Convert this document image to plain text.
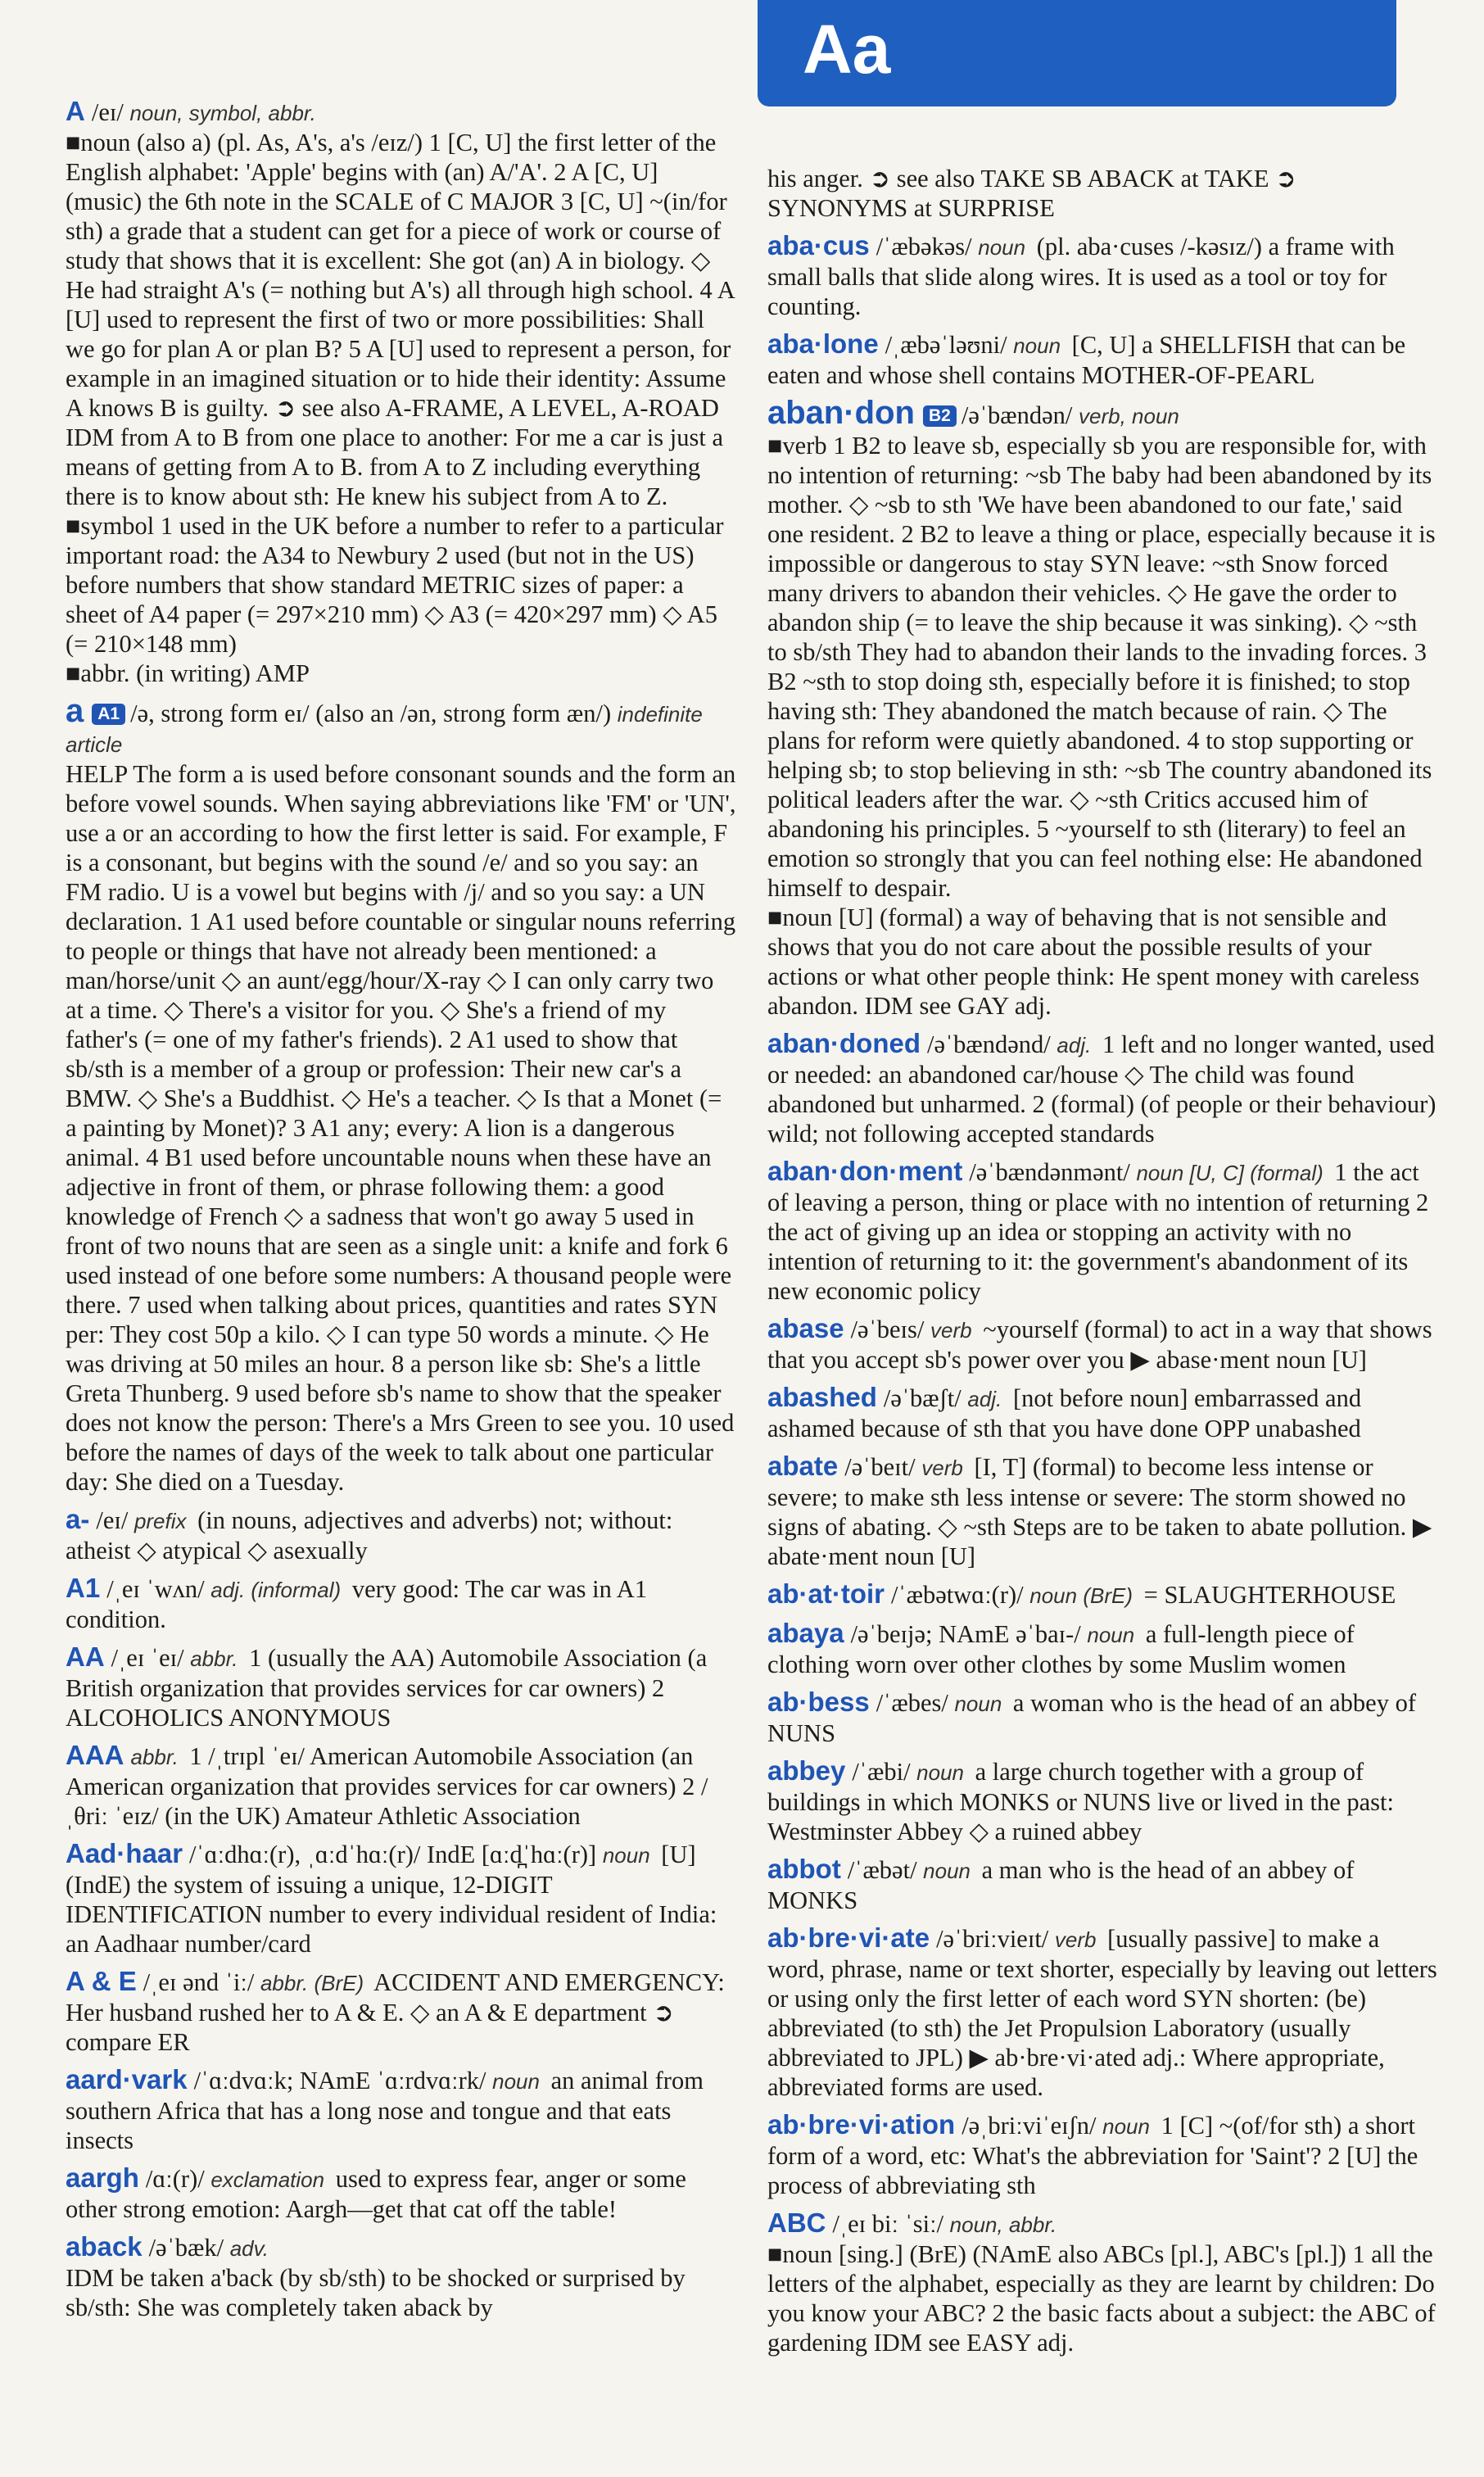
Aa

A /eɪ/ noun, symbol, abbr.

■noun (also a) (pl. As, A's, a's /eɪz/) 1 [C, U] the first letter of the English alphabet: 'Apple' begins with (an) A/'A'. 2 A [C, U] (music) the 6th note in the SCALE of C MAJOR 3 [C, U] ~(in/for sth) a grade that a student can get for a piece of work or course of study that shows that it is excellent: She got (an) A in biology. ◇ He had straight A's (= nothing but A's) all through high school. 4 A [U] used to represent the first of two or more possibilities: Shall we go for plan A or plan B? 5 A [U] used to represent a person, for example in an imagined situation or to hide their identity: Assume A knows B is guilty. ➲ see also A-FRAME, A LEVEL, A-ROAD

IDM from A to B from one place to another: For me a car is just a means of getting from A to B. from A to Z including everything there is to know about sth: He knew his subject from A to Z.

■symbol 1 used in the UK before a number to refer to a particular important road: the A34 to Newbury 2 used (but not in the US) before numbers that show standard METRIC sizes of paper: a sheet of A4 paper (= 297×210 mm) ◇ A3 (= 420×297 mm) ◇ A5 (= 210×148 mm)

■abbr. (in writing) AMP

a A1 /ə, strong form eɪ/ (also an /ən, strong form æn/) indefinite article

HELP The form a is used before consonant sounds and the form an before vowel sounds. When saying abbreviations like 'FM' or 'UN', use a or an according to how the first letter is said. For example, F is a consonant, but begins with the sound /e/ and so you say: an FM radio. U is a vowel but begins with /j/ and so you say: a UN declaration. 1 A1 used before countable or singular nouns referring to people or things that have not already been mentioned: a man/horse/unit ◇ an aunt/egg/hour/X-ray ◇ I can only carry two at a time. ◇ There's a visitor for you. ◇ She's a friend of my father's (= one of my father's friends). 2 A1 used to show that sb/sth is a member of a group or profession: Their new car's a BMW. ◇ She's a Buddhist. ◇ He's a teacher. ◇ Is that a Monet (= a painting by Monet)? 3 A1 any; every: A lion is a dangerous animal. 4 B1 used before uncountable nouns when these have an adjective in front of them, or phrase following them: a good knowledge of French ◇ a sadness that won't go away 5 used in front of two nouns that are seen as a single unit: a knife and fork 6 used instead of one before some numbers: A thousand people were there. 7 used when talking about prices, quantities and rates SYN per: They cost 50p a kilo. ◇ I can type 50 words a minute. ◇ He was driving at 50 miles an hour. 8 a person like sb: She's a little Greta Thunberg. 9 used before sb's name to show that the speaker does not know the person: There's a Mrs Green to see you. 10 used before the names of days of the week to talk about one particular day: She died on a Tuesday.

a- /eɪ/ prefix (in nouns, adjectives and adverbs) not; without: atheist ◇ atypical ◇ asexually

A1 /ˌeɪ ˈwʌn/ adj. (informal) very good: The car was in A1 condition.

AA /ˌeɪ ˈeɪ/ abbr. 1 (usually the AA) Automobile Association (a British organization that provides services for car owners) 2 ALCOHOLICS ANONYMOUS

AAA abbr. 1 /ˌtrɪpl ˈeɪ/ American Automobile Association (an American organization that provides services for car owners) 2 /ˌθriː ˈeɪz/ (in the UK) Amateur Athletic Association

Aad·haar /ˈɑːdhɑː(r), ˌɑːdˈhɑː(r)/ IndE [ɑːd̪ˈhɑː(r)] noun [U] (IndE) the system of issuing a unique, 12-DIGIT IDENTIFICATION number to every individual resident of India: an Aadhaar number/card

A & E /ˌeɪ ənd ˈiː/ abbr. (BrE) ACCIDENT AND EMERGENCY: Her husband rushed her to A & E. ◇ an A & E department ➲ compare ER

aard·vark /ˈɑːdvɑːk; NAmE ˈɑːrdvɑːrk/ noun an animal from southern Africa that has a long nose and tongue and that eats insects

aargh /ɑː(r)/ exclamation used to express fear, anger or some other strong emotion: Aargh—get that cat off the table!

aback /əˈbæk/ adv.

IDM be taken a'back (by sb/sth) to be shocked or surprised by sb/sth: She was completely taken aback by

his anger. ➲ see also TAKE SB ABACK at TAKE ➲ SYNONYMS at SURPRISE

aba·cus /ˈæbəkəs/ noun (pl. aba·cuses /-kəsɪz/) a frame with small balls that slide along wires. It is used as a tool or toy for counting.

aba·lone /ˌæbəˈləʊni/ noun [C, U] a SHELLFISH that can be eaten and whose shell contains MOTHER-OF-PEARL

aban·don B2 /əˈbændən/ verb, noun

■verb 1 B2 to leave sb, especially sb you are responsible for, with no intention of returning: ~sb The baby had been abandoned by its mother. ◇ ~sb to sth 'We have been abandoned to our fate,' said one resident. 2 B2 to leave a thing or place, especially because it is impossible or dangerous to stay SYN leave: ~sth Snow forced many drivers to abandon their vehicles. ◇ He gave the order to abandon ship (= to leave the ship because it was sinking). ◇ ~sth to sb/sth They had to abandon their lands to the invading forces. 3 B2 ~sth to stop doing sth, especially before it is finished; to stop having sth: They abandoned the match because of rain. ◇ The plans for reform were quietly abandoned. 4 to stop supporting or helping sb; to stop believing in sth: ~sb The country abandoned its political leaders after the war. ◇ ~sth Critics accused him of abandoning his principles. 5 ~yourself to sth (literary) to feel an emotion so strongly that you can feel nothing else: He abandoned himself to despair.

■noun [U] (formal) a way of behaving that is not sensible and shows that you do not care about the possible results of your actions or what other people think: He spent money with careless abandon. IDM see GAY adj.

aban·doned /əˈbændənd/ adj. 1 left and no longer wanted, used or needed: an abandoned car/house ◇ The child was found abandoned but unharmed. 2 (formal) (of people or their behaviour) wild; not following accepted standards

aban·don·ment /əˈbændənmənt/ noun [U, C] (formal) 1 the act of leaving a person, thing or place with no intention of returning 2 the act of giving up an idea or stopping an activity with no intention of returning to it: the government's abandonment of its new economic policy

abase /əˈbeɪs/ verb ~yourself (formal) to act in a way that shows that you accept sb's power over you ▶ abase·ment noun [U]

abashed /əˈbæʃt/ adj. [not before noun] embarrassed and ashamed because of sth that you have done OPP unabashed

abate /əˈbeɪt/ verb [I, T] (formal) to become less intense or severe; to make sth less intense or severe: The storm showed no signs of abating. ◇ ~sth Steps are to be taken to abate pollution. ▶ abate·ment noun [U]

ab·at·toir /ˈæbətwɑː(r)/ noun (BrE) = SLAUGHTERHOUSE

abaya /əˈbeɪjə; NAmE əˈbaɪ-/ noun a full-length piece of clothing worn over other clothes by some Muslim women

ab·bess /ˈæbes/ noun a woman who is the head of an abbey of NUNS

abbey /ˈæbi/ noun a large church together with a group of buildings in which MONKS or NUNS live or lived in the past: Westminster Abbey ◇ a ruined abbey

abbot /ˈæbət/ noun a man who is the head of an abbey of MONKS

ab·bre·vi·ate /əˈbriːvieɪt/ verb [usually passive] to make a word, phrase, name or text shorter, especially by leaving out letters or using only the first letter of each word SYN shorten: (be) abbreviated (to sth) the Jet Propulsion Laboratory (usually abbreviated to JPL) ▶ ab·bre·vi·ated adj.: Where appropriate, abbreviated forms are used.

ab·bre·vi·ation /əˌbriːviˈeɪʃn/ noun 1 [C] ~(of/for sth) a short form of a word, etc: What's the abbreviation for 'Saint'? 2 [U] the process of abbreviating sth

ABC /ˌeɪ biː ˈsiː/ noun, abbr.

■noun [sing.] (BrE) (NAmE also ABCs [pl.], ABC's [pl.]) 1 all the letters of the alphabet, especially as they are learnt by children: Do you know your ABC? 2 the basic facts about a subject: the ABC of gardening IDM see EASY adj.
